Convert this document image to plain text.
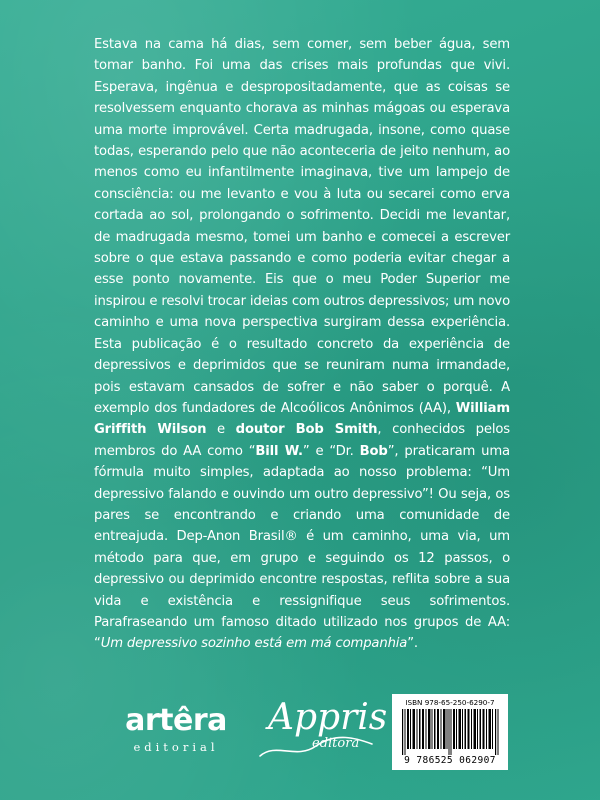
Estava na cama há dias, sem comer, sem beber água, sem tomar banho. Foi uma das crises mais profundas que vivi. Esperava, ingênua e despropositadamente, que as coisas se resolvessem enquanto chorava as minhas mágoas ou esperava uma morte improvável. Certa madrugada, insone, como quase todas, esperando pelo que não aconteceria de jeito nenhum, ao menos como eu infantilmente imaginava, tive um lampejo de consciência: ou me levanto e vou à luta ou secarei como erva cortada ao sol, prolongando o sofrimento. Decidi me levantar, de madrugada mesmo, tomei um banho e comecei a escrever sobre o que estava passando e como poderia evitar chegar a esse ponto novamente. Eis que o meu Poder Superior me inspirou e resolvi trocar ideias com outros depressivos; um novo caminho e uma nova perspectiva surgiram dessa experiência. Esta publicação é o resultado concreto da experiência de depressivos e deprimidos que se reuniram numa irmandade, pois estavam cansados de sofrer e não saber o porquê. A exemplo dos fundadores de Alcoólicos Anônimos (AA), William Griffith Wilson e doutor Bob Smith, conhecidos pelos membros do AA como “Bill W.” e “Dr. Bob”, praticaram uma fórmula muito simples, adaptada ao nosso problema: “Um depressivo falando e ouvindo um outro depressivo”! Ou seja, os pares se encontrando e criando uma comunidade de entreajuda. Dep-Anon Brasil® é um caminho, uma via, um método para que, em grupo e seguindo os 12 passos, o depressivo ou deprimido encontre respostas, reflita sobre a sua vida e existência e ressignifique seus sofrimentos. Parafraseando um famoso ditado utilizado nos grupos de AA: “Um depressivo sozinho está em má companhia”.

artêra
editorial
Appris
editora
ISBN 978-65-250-6290-7
9 786525 062907
